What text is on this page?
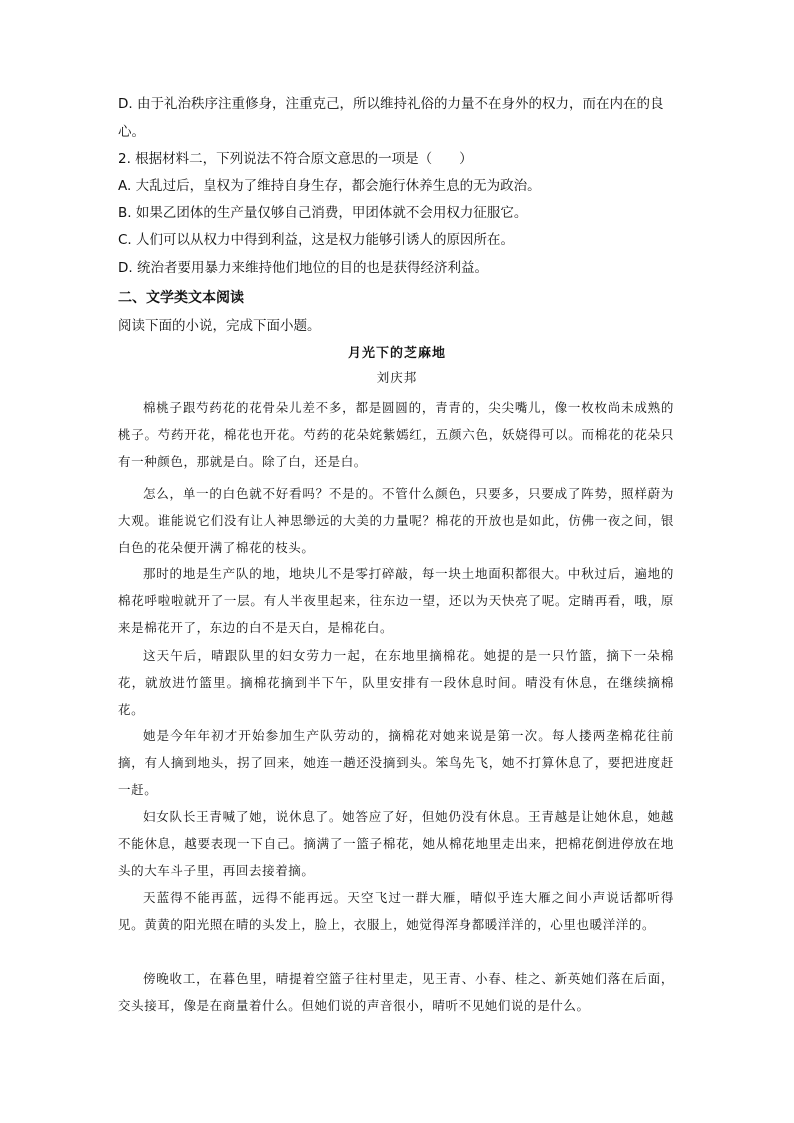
D. 由于礼治秩序注重修身，注重克己，所以维持礼俗的力量不在身外的权力，而在内在的良心。
2. 根据材料二，下列说法不符合原文意思的一项是（　　）
A. 大乱过后，皇权为了维持自身生存，都会施行休养生息的无为政治。
B. 如果乙团体的生产量仅够自己消费，甲团体就不会用权力征服它。
C. 人们可以从权力中得到利益，这是权力能够引诱人的原因所在。
D. 统治者要用暴力来维持他们地位的目的也是获得经济利益。
二、文学类文本阅读
阅读下面的小说，完成下面小题。
月光下的芝麻地
刘庆邦
棉桃子跟芍药花的花骨朵儿差不多，都是圆圆的，青青的，尖尖嘴儿，像一枚枚尚未成熟的桃子。芍药开花，棉花也开花。芍药的花朵姹紫嫣红，五颜六色，妖娆得可以。而棉花的花朵只有一种颜色，那就是白。除了白，还是白。
怎么，单一的白色就不好看吗？不是的。不管什么颜色，只要多，只要成了阵势，照样蔚为大观。谁能说它们没有让人神思缈远的大美的力量呢？棉花的开放也是如此，仿佛一夜之间，银白色的花朵便开满了棉花的枝头。
那时的地是生产队的地，地块儿不是零打碎敲，每一块土地面积都很大。中秋过后，遍地的棉花呼啦啦就开了一层。有人半夜里起来，往东边一望，还以为天快亮了呢。定睛再看，哦，原来是棉花开了，东边的白不是天白，是棉花白。
这天午后，晴跟队里的妇女劳力一起，在东地里摘棉花。她提的是一只竹篮，摘下一朵棉花，就放进竹篮里。摘棉花摘到半下午，队里安排有一段休息时间。晴没有休息，在继续摘棉花。
她是今年年初才开始参加生产队劳动的，摘棉花对她来说是第一次。每人搂两垄棉花往前摘，有人摘到地头，拐了回来，她连一趟还没摘到头。笨鸟先飞，她不打算休息了，要把进度赶一赶。
妇女队长王青喊了她，说休息了。她答应了好，但她仍没有休息。王青越是让她休息，她越不能休息，越要表现一下自己。摘满了一篮子棉花，她从棉花地里走出来，把棉花倒进停放在地头的大车斗子里，再回去接着摘。
天蓝得不能再蓝，远得不能再远。天空飞过一群大雁，晴似乎连大雁之间小声说话都听得见。黄黄的阳光照在晴的头发上，脸上，衣服上，她觉得浑身都暖洋洋的，心里也暖洋洋的。
傍晚收工，在暮色里，晴提着空篮子往村里走，见王青、小春、桂之、新英她们落在后面，交头接耳，像是在商量着什么。但她们说的声音很小，晴听不见她们说的是什么。
